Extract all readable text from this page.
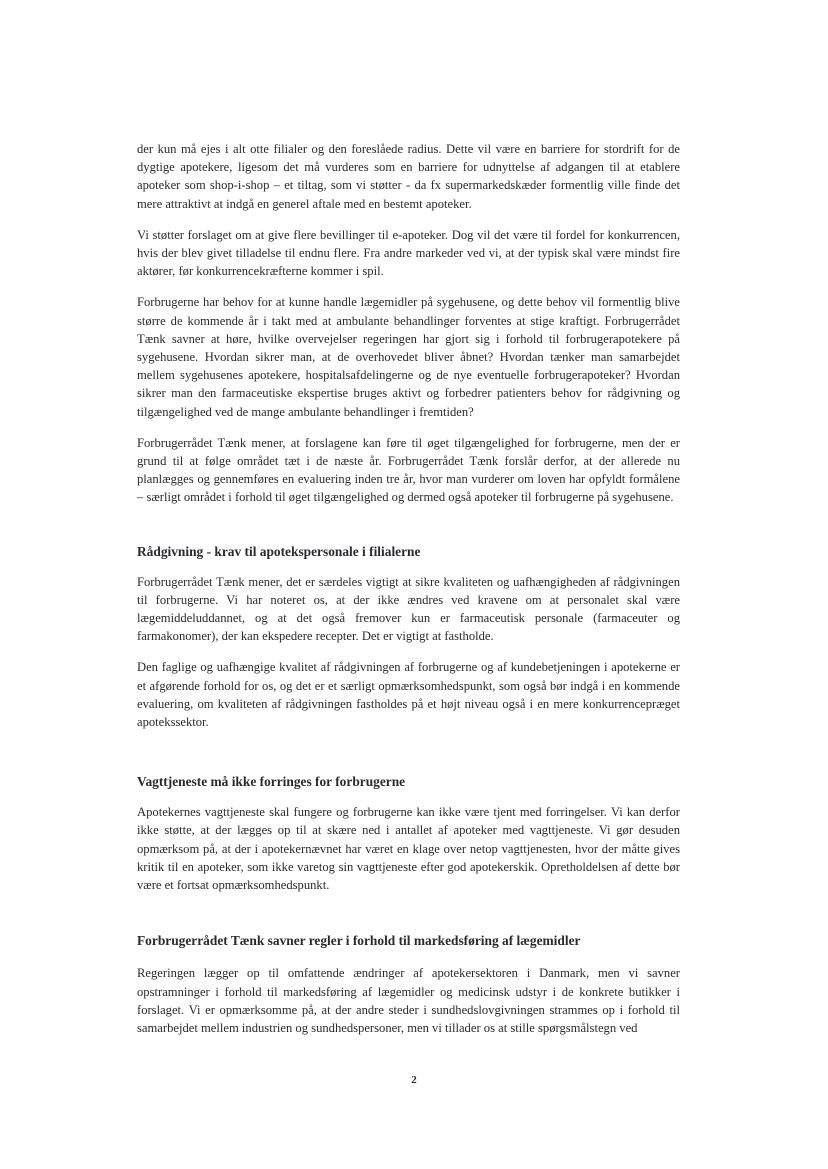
der kun må ejes i alt otte filialer og den foreslåede radius. Dette vil være en barriere for stordrift for de dygtige apotekere, ligesom det må vurderes som en barriere for udnyttelse af adgangen til at etablere apoteker som shop-i-shop – et tiltag, som vi støtter - da fx supermarkedskæder formentlig ville finde det mere attraktivt at indgå en generel aftale med en bestemt apoteker.

Vi støtter forslaget om at give flere bevillinger til e-apoteker. Dog vil det være til fordel for konkurrencen, hvis der blev givet tilladelse til endnu flere. Fra andre markeder ved vi, at der typisk skal være mindst fire aktører, før konkurrencekræfterne kommer i spil.

Forbrugerne har behov for at kunne handle lægemidler på sygehusene, og dette behov vil formentlig blive større de kommende år i takt med at ambulante behandlinger forventes at stige kraftigt. Forbrugerrådet Tænk savner at høre, hvilke overvejelser regeringen har gjort sig i forhold til forbrugerapotekere på sygehusene. Hvordan sikrer man, at de overhovedet bliver åbnet? Hvordan tænker man samarbejdet mellem sygehusenes apotekere, hospitalsafdelingerne og de nye eventuelle forbrugerapoteker? Hvordan sikrer man den farmaceutiske ekspertise bruges aktivt og forbedrer patienters behov for rådgivning og tilgængelighed ved de mange ambulante behandlinger i fremtiden?

Forbrugerrådet Tænk mener, at forslagene kan føre til øget tilgængelighed for forbrugerne, men der er grund til at følge området tæt i de næste år. Forbrugerrådet Tænk forslår derfor, at der allerede nu planlægges og gennemføres en evaluering inden tre år, hvor man vurderer om loven har opfyldt formålene – særligt området i forhold til øget tilgængelighed og dermed også apoteker til forbrugerne på sygehusene.

Rådgivning - krav til apotekspersonale i filialerne

Forbrugerrådet Tænk mener, det er særdeles vigtigt at sikre kvaliteten og uafhængigheden af rådgivningen til forbrugerne. Vi har noteret os, at der ikke ændres ved kravene om at personalet skal være lægemiddeluddannet, og at det også fremover kun er farmaceutisk personale (farmaceuter og farmakonomer), der kan ekspedere recepter. Det er vigtigt at fastholde.

Den faglige og uafhængige kvalitet af rådgivningen af forbrugerne og af kundebetjeningen i apotekerne er et afgørende forhold for os, og det er et særligt opmærksomhedspunkt, som også bør indgå i en kommende evaluering, om kvaliteten af rådgivningen fastholdes på et højt niveau også i en mere konkurrencepræget apotekssektor.

Vagttjeneste må ikke forringes for forbrugerne

Apotekernes vagttjeneste skal fungere og forbrugerne kan ikke være tjent med forringelser. Vi kan derfor ikke støtte, at der lægges op til at skære ned i antallet af apoteker med vagttjeneste. Vi gør desuden opmærksom på, at der i apotekernævnet har været en klage over netop vagttjenesten, hvor der måtte gives kritik til en apoteker, som ikke varetog sin vagttjeneste efter god apotekerskik. Opretholdelsen af dette bør være et fortsat opmærksomhedspunkt.

Forbrugerrådet Tænk savner regler i forhold til markedsføring af lægemidler

Regeringen lægger op til omfattende ændringer af apotekersektoren i Danmark, men vi savner opstramninger i forhold til markedsføring af lægemidler og medicinsk udstyr i de konkrete butikker i forslaget. Vi er opmærksomme på, at der andre steder i sundhedslovgivningen strammes op i forhold til samarbejdet mellem industrien og sundhedspersoner, men vi tillader os at stille spørgsmålstegn ved

2
